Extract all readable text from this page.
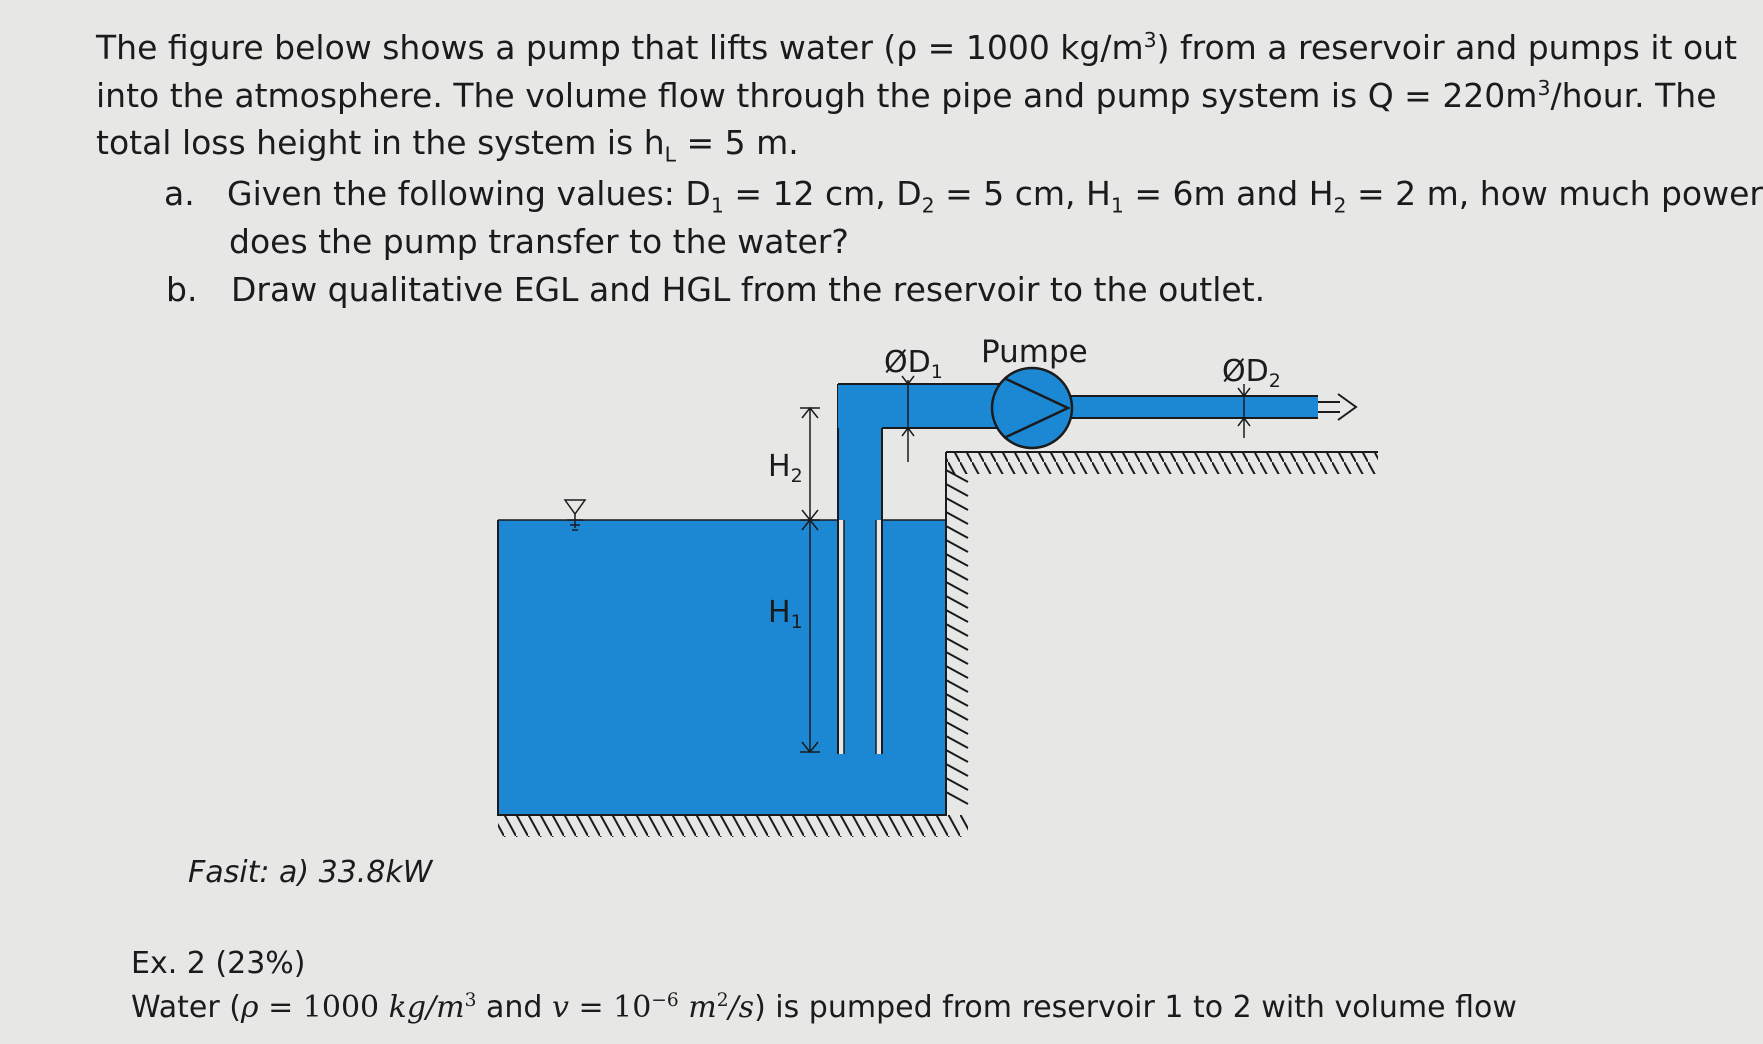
The figure below shows a pump that lifts water (ρ = 1000 $kg/m^3$) from a reservoir and pumps it out
into the atmosphere. The volume flow through the pipe and pump system is $Q = 220m^3$/hour. The
total loss height in the system is $h_L = 5$ m.
a. Given the following values: $D_1 = 12$ cm, $D_2 = 5$ cm, $H_1 = 6m$ and $H_2 = 2$ m, how much power
does the pump transfer to the water?
b. Draw qualitative EGL and HGL from the reservoir to the outlet.
$ØD_1$
Pumpe
$ØD_2$
$H_2$
$H_1$
Fasit: a) 33.8kW
Ex. 2 (23%)
Water (ρ = 1000 $kg/m^3$ and $v = 10^{-6}$ $m^2/s$) is pumped from reservoir 1 to 2 with volume flow
